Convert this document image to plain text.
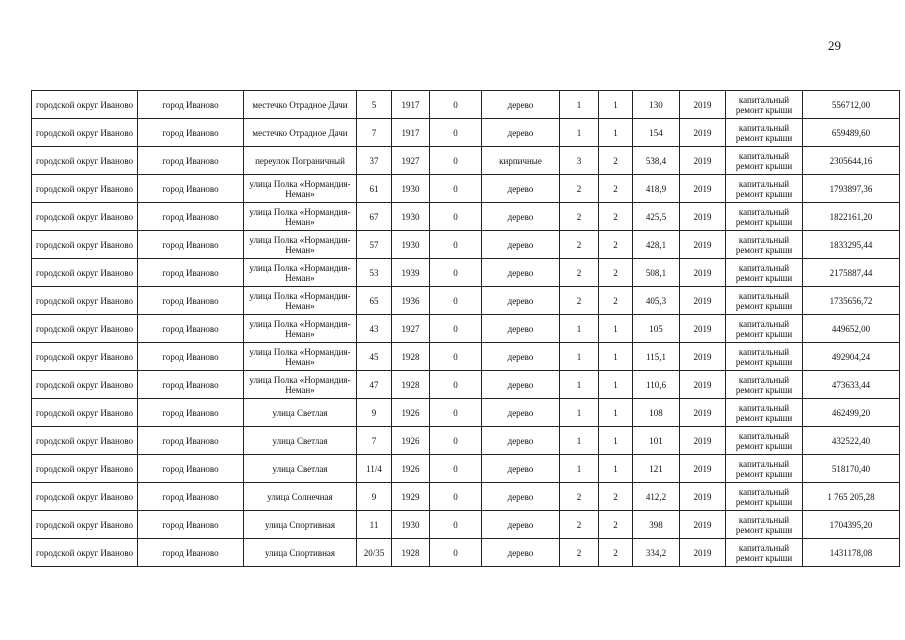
29
городской округ Иваново	город Иваново	местечко Отрадное Дачи	5	1917	0	дерево	1	1	130	2019	капитальный ремонт крыши	556712,00
городской округ Иваново	город Иваново	местечко Отрадное Дачи	7	1917	0	дерево	1	1	154	2019	капитальный ремонт крыши	659489,60
городской округ Иваново	город Иваново	переулок Пограничный	37	1927	0	кирпичные	3	2	538,4	2019	капитальный ремонт крыши	2305644,16
городской округ Иваново	город Иваново	улица Полка «Нормандия-Неман»	61	1930	0	дерево	2	2	418,9	2019	капитальный ремонт крыши	1793897,36
городской округ Иваново	город Иваново	улица Полка «Нормандия-Неман»	67	1930	0	дерево	2	2	425,5	2019	капитальный ремонт крыши	1822161,20
городской округ Иваново	город Иваново	улица Полка «Нормандия-Неман»	57	1930	0	дерево	2	2	428,1	2019	капитальный ремонт крыши	1833295,44
городской округ Иваново	город Иваново	улица Полка «Нормандия-Неман»	53	1939	0	дерево	2	2	508,1	2019	капитальный ремонт крыши	2175887,44
городской округ Иваново	город Иваново	улица Полка «Нормандия-Неман»	65	1936	0	дерево	2	2	405,3	2019	капитальный ремонт крыши	1735656,72
городской округ Иваново	город Иваново	улица Полка «Нормандия-Неман»	43	1927	0	дерево	1	1	105	2019	капитальный ремонт крыши	449652,00
городской округ Иваново	город Иваново	улица Полка «Нормандия-Неман»	45	1928	0	дерево	1	1	115,1	2019	капитальный ремонт крыши	492904,24
городской округ Иваново	город Иваново	улица Полка «Нормандия-Неман»	47	1928	0	дерево	1	1	110,6	2019	капитальный ремонт крыши	473633,44
городской округ Иваново	город Иваново	улица Светлая	9	1926	0	дерево	1	1	108	2019	капитальный ремонт крыши	462499,20
городской округ Иваново	город Иваново	улица Светлая	7	1926	0	дерево	1	1	101	2019	капитальный ремонт крыши	432522,40
городской округ Иваново	город Иваново	улица Светлая	11/4	1926	0	дерево	1	1	121	2019	капитальный ремонт крыши	518170,40
городской округ Иваново	город Иваново	улица Солнечная	9	1929	0	дерево	2	2	412,2	2019	капитальный ремонт крыши	1 765 205,28
городской округ Иваново	город Иваново	улица Спортивная	11	1930	0	дерево	2	2	398	2019	капитальный ремонт крыши	1704395,20
городской округ Иваново	город Иваново	улица Спортивная	20/35	1928	0	дерево	2	2	334,2	2019	капитальный ремонт крыши	1431178,08
